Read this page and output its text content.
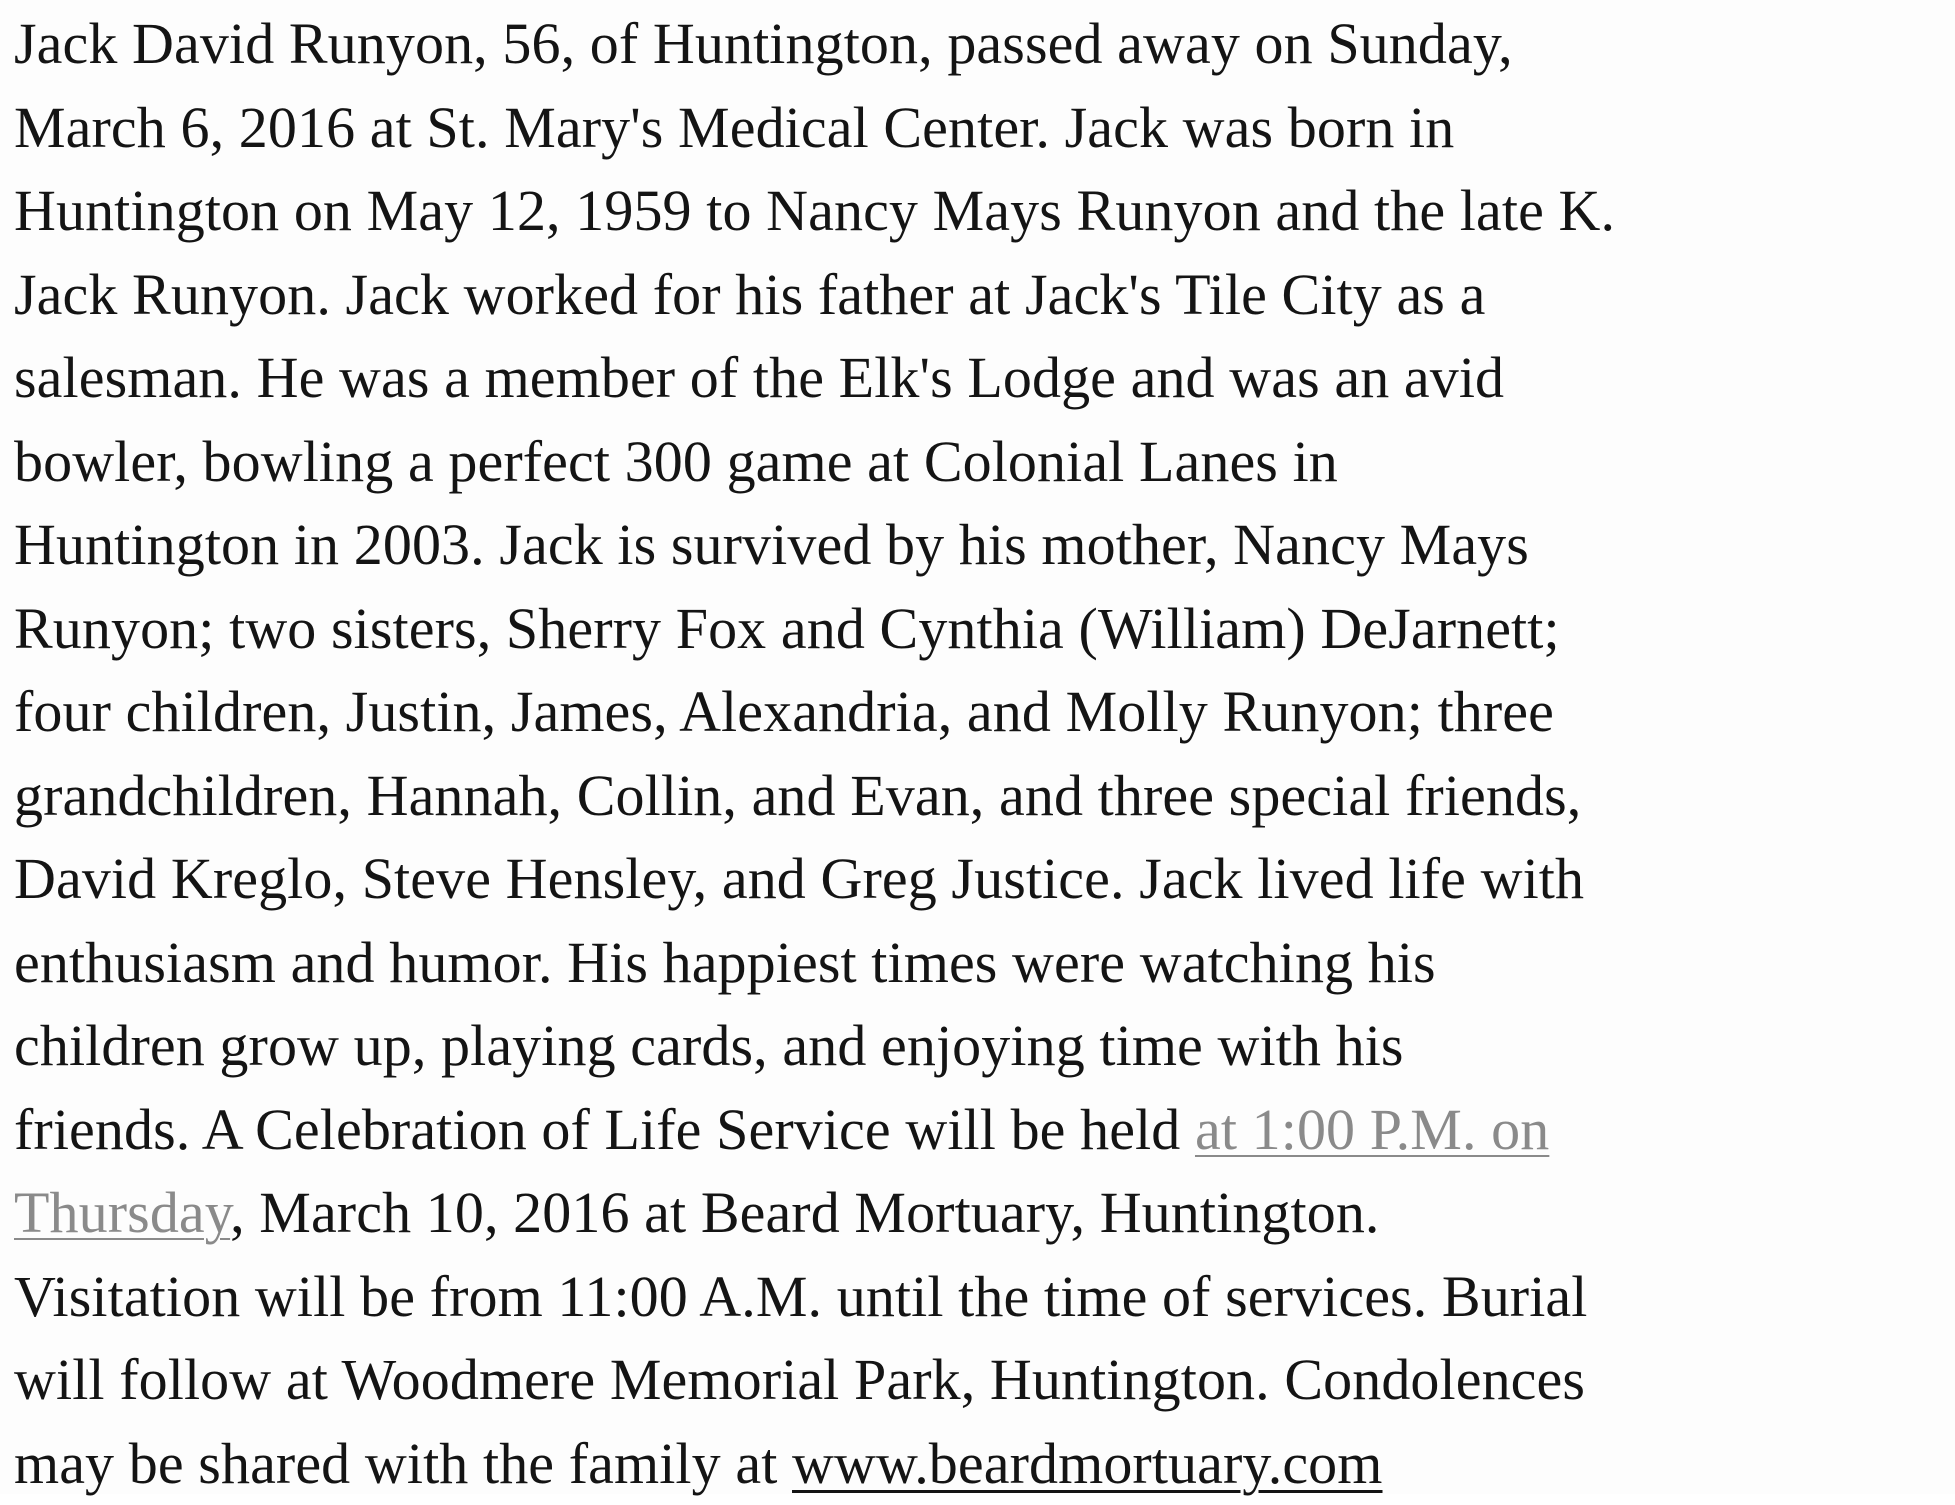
Jack David Runyon, 56, of Huntington, passed away on Sunday,
March 6, 2016 at St. Mary's Medical Center. Jack was born in
Huntington on May 12, 1959 to Nancy Mays Runyon and the late K.
Jack Runyon. Jack worked for his father at Jack's Tile City as a
salesman. He was a member of the Elk's Lodge and was an avid
bowler, bowling a perfect 300 game at Colonial Lanes in
Huntington in 2003. Jack is survived by his mother, Nancy Mays
Runyon; two sisters, Sherry Fox and Cynthia (William) DeJarnett;
four children, Justin, James, Alexandria, and Molly Runyon; three
grandchildren, Hannah, Collin, and Evan, and three special friends,
David Kreglo, Steve Hensley, and Greg Justice. Jack lived life with
enthusiasm and humor. His happiest times were watching his
children grow up, playing cards, and enjoying time with his
friends. A Celebration of Life Service will be held at 1:00 P.M. on
Thursday, March 10, 2016 at Beard Mortuary, Huntington.
Visitation will be from 11:00 A.M. until the time of services. Burial
will follow at Woodmere Memorial Park, Huntington. Condolences
may be shared with the family at www.beardmortuary.com
